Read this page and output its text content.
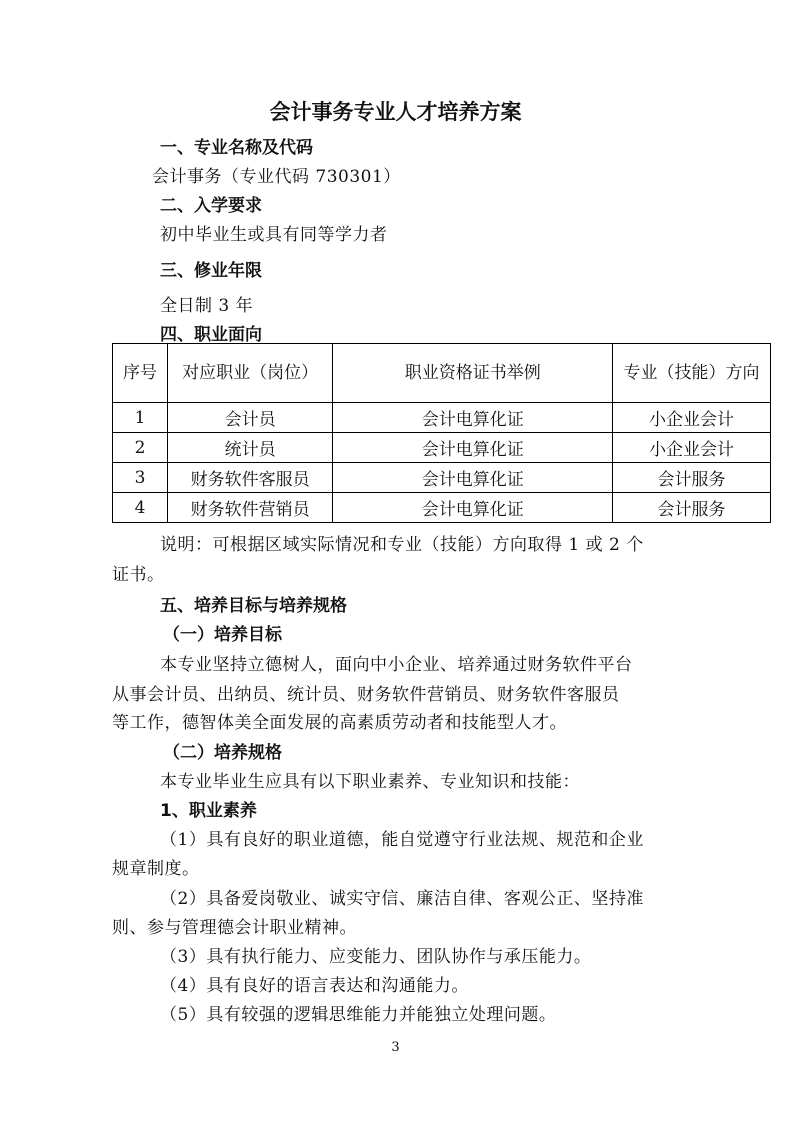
会计事务专业人才培养方案
一、专业名称及代码
会计事务（专业代码 730301）
二、入学要求
初中毕业生或具有同等学力者
三、修业年限
全日制 3 年
四、职业面向
序号	对应职业（岗位）	职业资格证书举例	专业（技能）方向
1	会计员	会计电算化证	小企业会计
2	统计员	会计电算化证	小企业会计
3	财务软件客服员	会计电算化证	会计服务
4	财务软件营销员	会计电算化证	会计服务
说明：可根据区域实际情况和专业（技能）方向取得 1 或 2 个
证书。
五、培养目标与培养规格
（一）培养目标
本专业坚持立德树人，面向中小企业、培养通过财务软件平台
从事会计员、出纳员、统计员、财务软件营销员、财务软件客服员
等工作，德智体美全面发展的高素质劳动者和技能型人才。
（二）培养规格
本专业毕业生应具有以下职业素养、专业知识和技能：
1、职业素养
（1）具有良好的职业道德，能自觉遵守行业法规、规范和企业
规章制度。
（2）具备爱岗敬业、诚实守信、廉洁自律、客观公正、坚持准
则、参与管理德会计职业精神。
（3）具有执行能力、应变能力、团队协作与承压能力。
（4）具有良好的语言表达和沟通能力。
（5）具有较强的逻辑思维能力并能独立处理问题。
3
